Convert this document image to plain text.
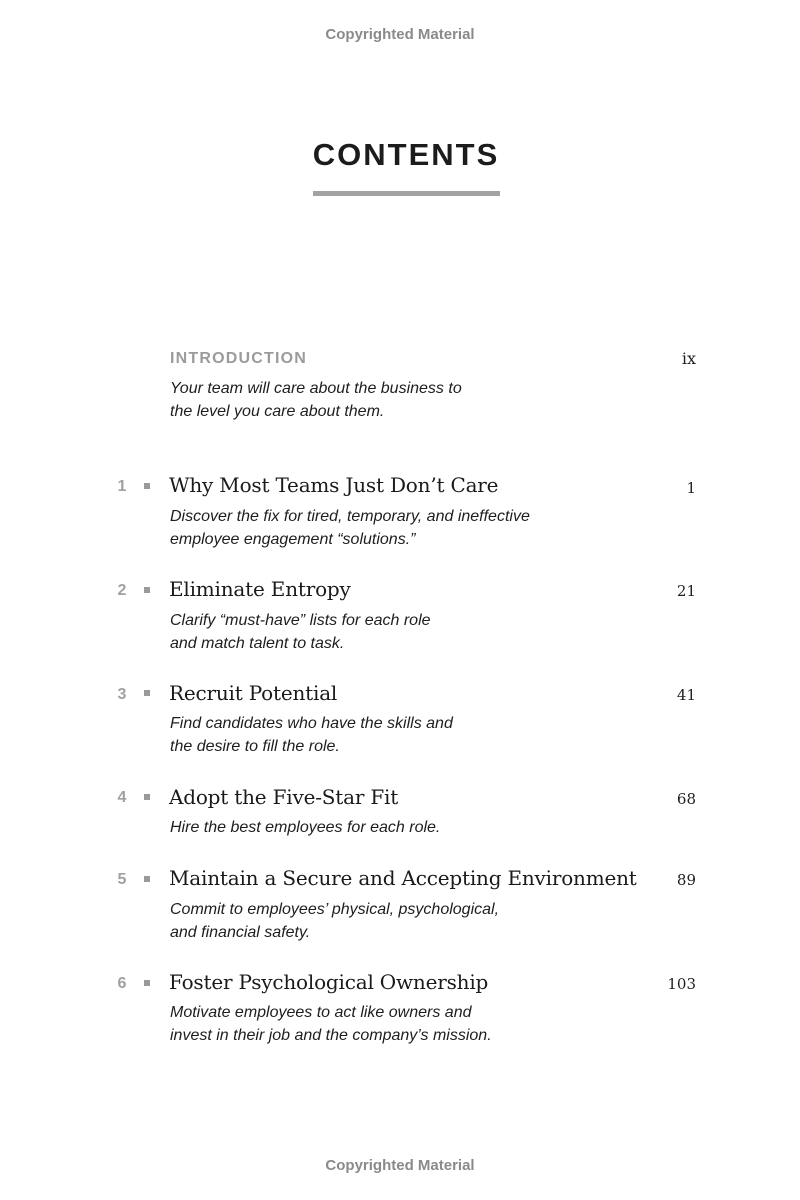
Copyrighted Material
CONTENTS
INTRODUCTION	ix
Your team will care about the business to
the level you care about them.
1 Why Most Teams Just Don’t Care	1
Discover the fix for tired, temporary, and ineffective
employee engagement “solutions.”
2 Eliminate Entropy	21
Clarify “must-have” lists for each role
and match talent to task.
3 Recruit Potential	41
Find candidates who have the skills and
the desire to fill the role.
4 Adopt the Five-Star Fit	68
Hire the best employees for each role.
5 Maintain a Secure and Accepting Environment	89
Commit to employees’ physical, psychological,
and financial safety.
6 Foster Psychological Ownership	103
Motivate employees to act like owners and
invest in their job and the company’s mission.
Copyrighted Material
